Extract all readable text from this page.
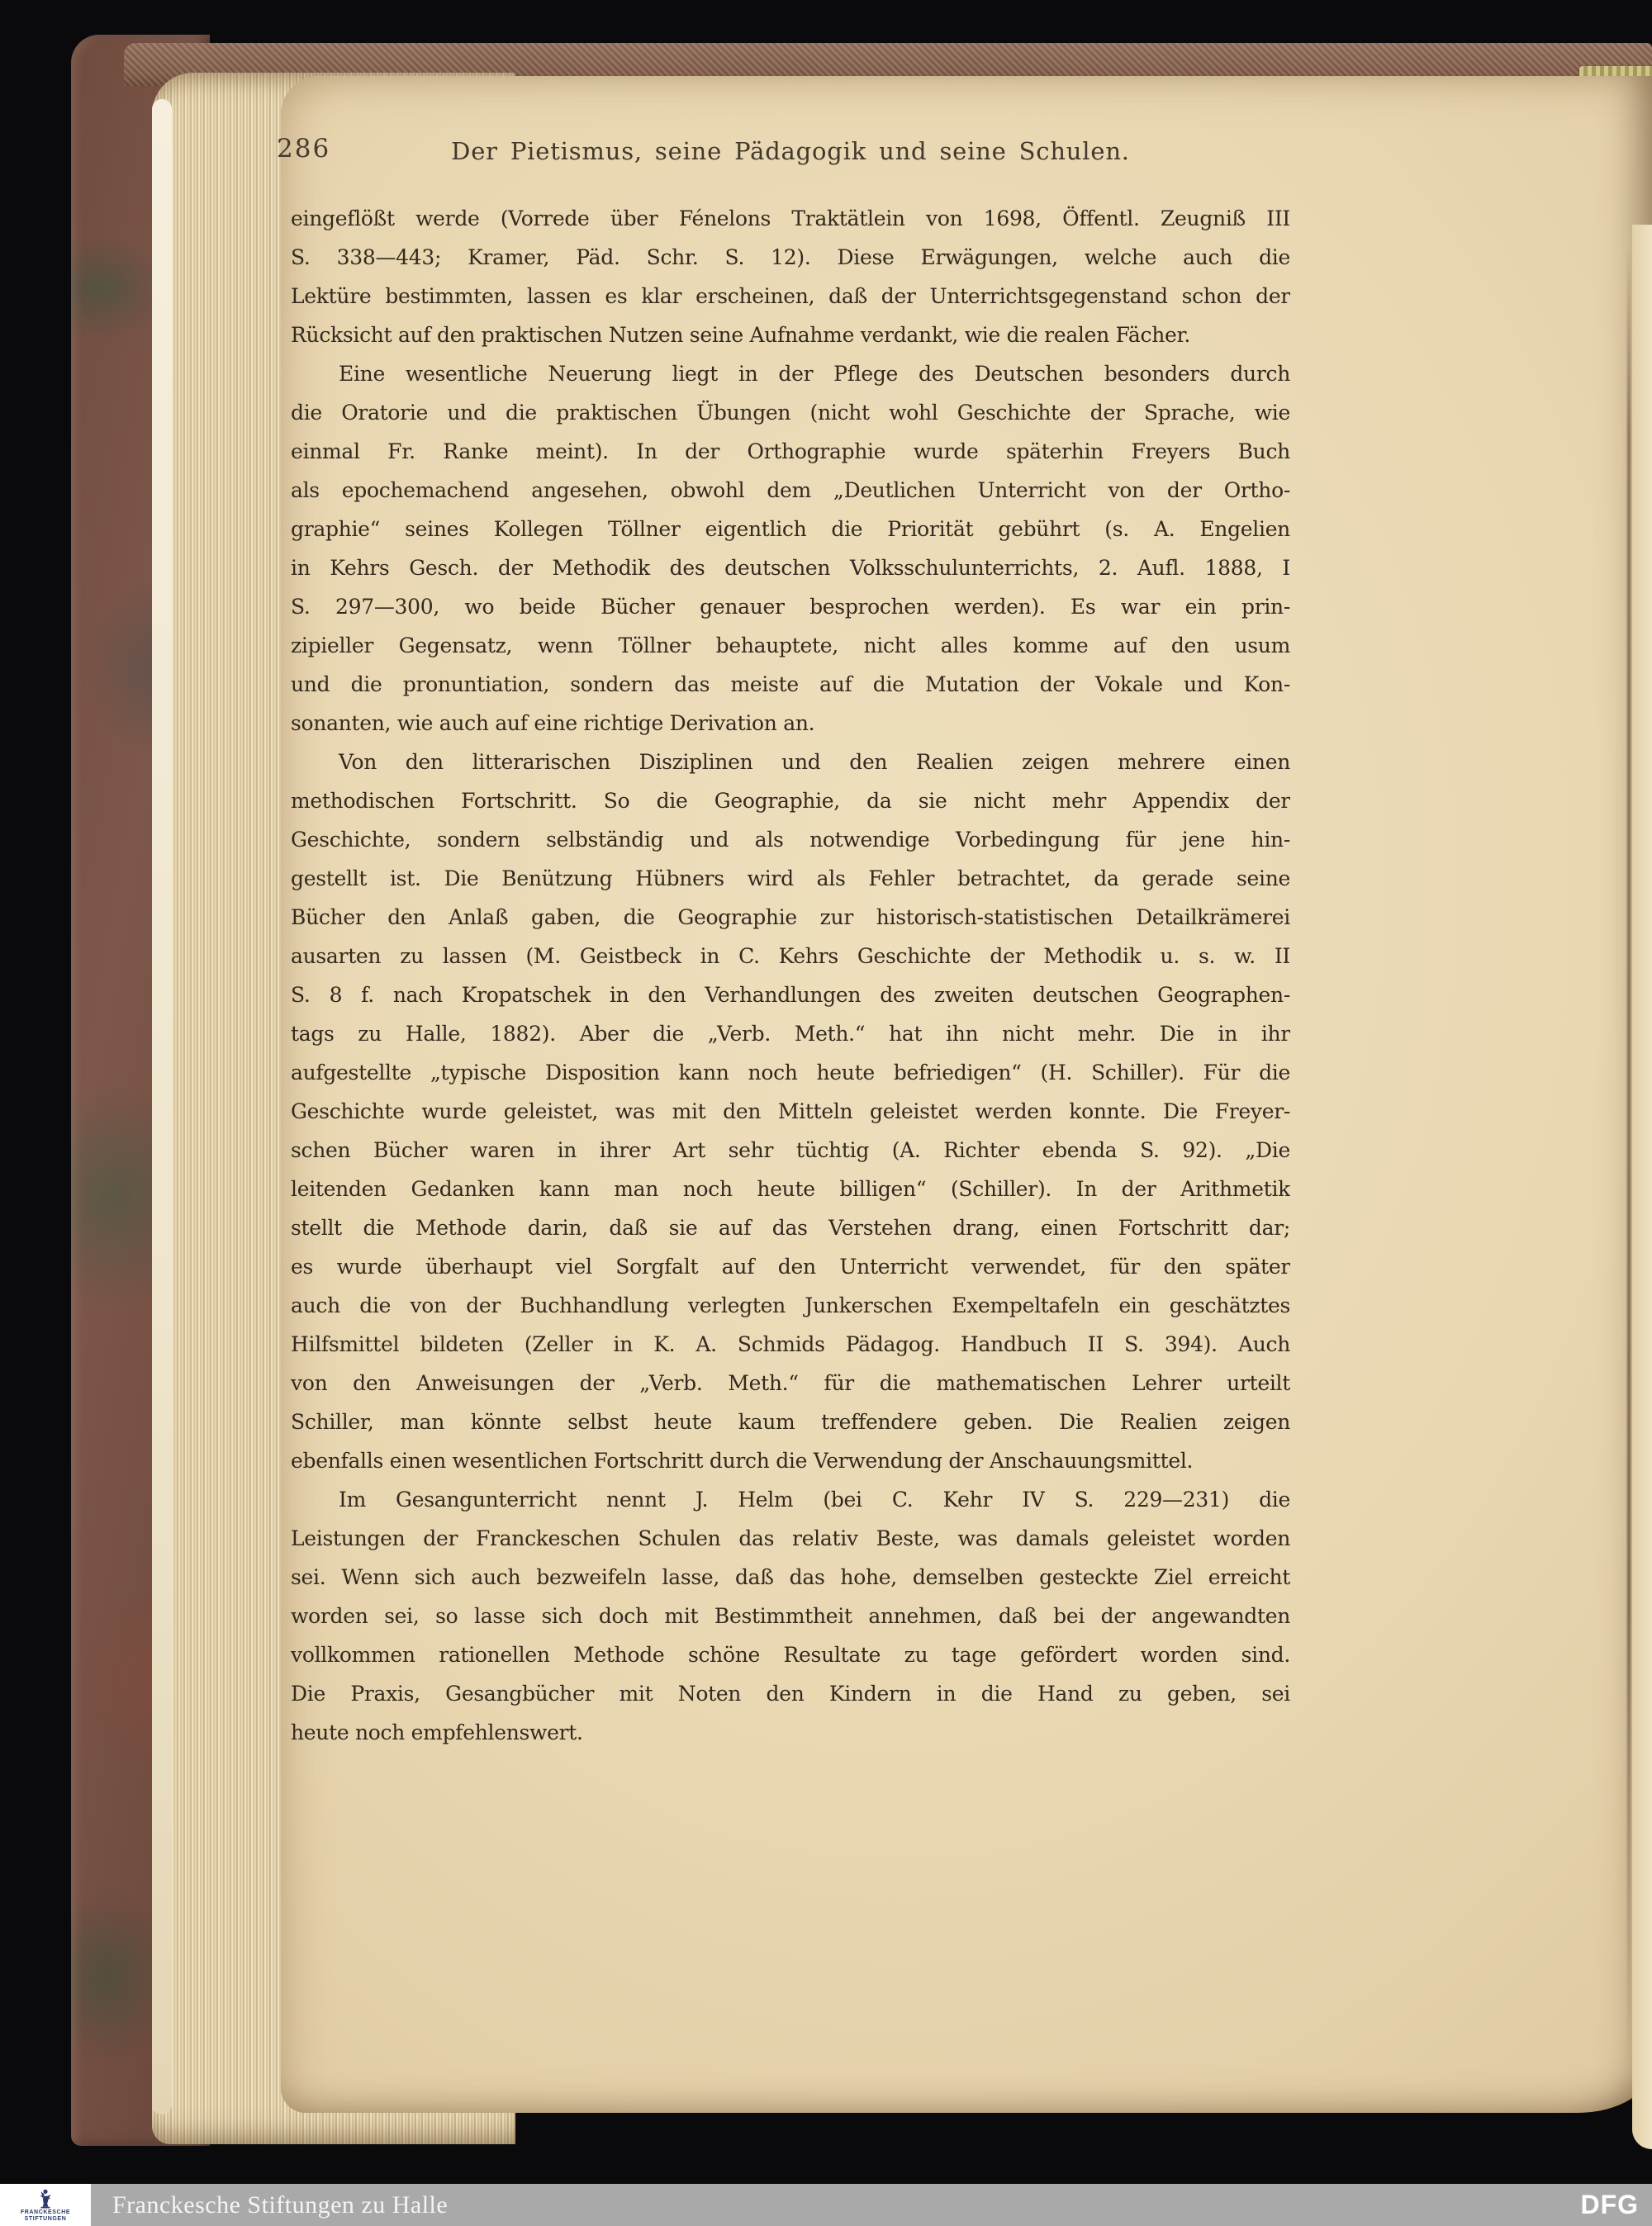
286	Der Pietismus, seine Pädagogik und seine Schulen.
eingeflößt werde (Vorrede über Fénelons Traktätlein von 1698, Öffentl. Zeugniß III
S. 338—443; Kramer, Päd. Schr. S. 12). Diese Erwägungen, welche auch die
Lektüre bestimmten, lassen es klar erscheinen, daß der Unterrichtsgegenstand schon der
Rücksicht auf den praktischen Nutzen seine Aufnahme verdankt, wie die realen Fächer.
Eine wesentliche Neuerung liegt in der Pflege des Deutschen besonders durch
die Oratorie und die praktischen Übungen (nicht wohl Geschichte der Sprache, wie
einmal Fr. Ranke meint). In der Orthographie wurde späterhin Freyers Buch
als epochemachend angesehen, obwohl dem „Deutlichen Unterricht von der Ortho-
graphie“ seines Kollegen Töllner eigentlich die Priorität gebührt (s. A. Engelien
in Kehrs Gesch. der Methodik des deutschen Volksschulunterrichts, 2. Aufl. 1888, I
S. 297—300, wo beide Bücher genauer besprochen werden). Es war ein prin-
zipieller Gegensatz, wenn Töllner behauptete, nicht alles komme auf den usum
und die pronuntiation, sondern das meiste auf die Mutation der Vokale und Kon-
sonanten, wie auch auf eine richtige Derivation an.
Von den litterarischen Disziplinen und den Realien zeigen mehrere einen
methodischen Fortschritt. So die Geographie, da sie nicht mehr Appendix der
Geschichte, sondern selbständig und als notwendige Vorbedingung für jene hin-
gestellt ist. Die Benützung Hübners wird als Fehler betrachtet, da gerade seine
Bücher den Anlaß gaben, die Geographie zur historisch-statistischen Detailkrämerei
ausarten zu lassen (M. Geistbeck in C. Kehrs Geschichte der Methodik u. s. w. II
S. 8 f. nach Kropatschek in den Verhandlungen des zweiten deutschen Geographen-
tags zu Halle, 1882). Aber die „Verb. Meth.“ hat ihn nicht mehr. Die in ihr
aufgestellte „typische Disposition kann noch heute befriedigen“ (H. Schiller). Für die
Geschichte wurde geleistet, was mit den Mitteln geleistet werden konnte. Die Freyer-
schen Bücher waren in ihrer Art sehr tüchtig (A. Richter ebenda S. 92). „Die
leitenden Gedanken kann man noch heute billigen“ (Schiller). In der Arithmetik
stellt die Methode darin, daß sie auf das Verstehen drang, einen Fortschritt dar;
es wurde überhaupt viel Sorgfalt auf den Unterricht verwendet, für den später
auch die von der Buchhandlung verlegten Junkerschen Exempeltafeln ein geschätztes
Hilfsmittel bildeten (Zeller in K. A. Schmids Pädagog. Handbuch II S. 394). Auch
von den Anweisungen der „Verb. Meth.“ für die mathematischen Lehrer urteilt
Schiller, man könnte selbst heute kaum treffendere geben. Die Realien zeigen
ebenfalls einen wesentlichen Fortschritt durch die Verwendung der Anschauungsmittel.
Im Gesangunterricht nennt J. Helm (bei C. Kehr IV S. 229—231) die
Leistungen der Franckeschen Schulen das relativ Beste, was damals geleistet worden
sei. Wenn sich auch bezweifeln lasse, daß das hohe, demselben gesteckte Ziel erreicht
worden sei, so lasse sich doch mit Bestimmtheit annehmen, daß bei der angewandten
vollkommen rationellen Methode schöne Resultate zu tage gefördert worden sind.
Die Praxis, Gesangbücher mit Noten den Kindern in die Hand zu geben, sei
heute noch empfehlenswert.
FRANCKESCHE
STIFTUNGEN
Franckesche Stiftungen zu Halle	DFG
